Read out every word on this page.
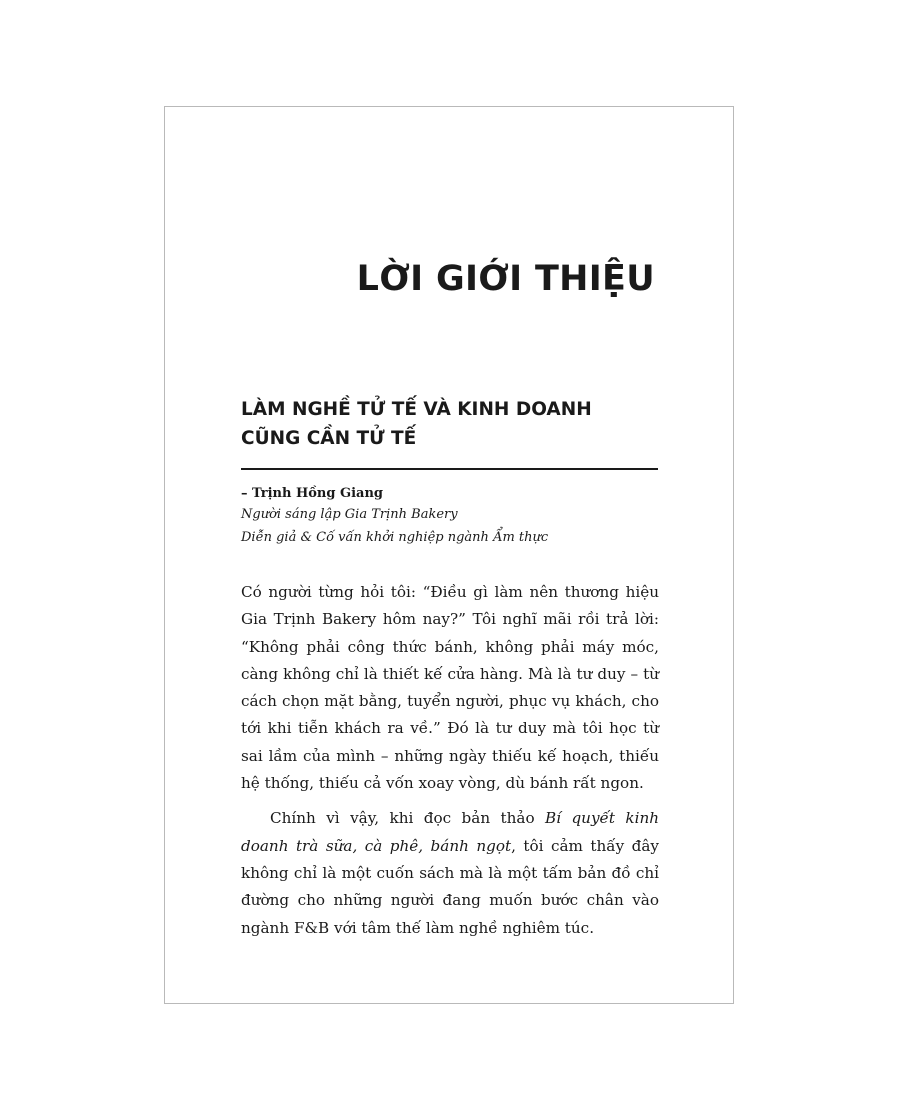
LỜI GIỚI THIỆU
LÀM NGHỀ TỬ TẾ VÀ KINH DOANH
CŨNG CẦN TỬ TẾ
– Trịnh Hồng Giang
Người sáng lập Gia Trịnh Bakery
Diễn giả & Cố vấn khởi nghiệp ngành Ẩm thực

Có người từng hỏi tôi: “Điều gì làm nên thương hiệu Gia Trịnh Bakery hôm nay?” Tôi nghĩ mãi rồi trả lời: “Không phải công thức bánh, không phải máy móc, càng không chỉ là thiết kế cửa hàng. Mà là tư duy – từ cách chọn mặt bằng, tuyển người, phục vụ khách, cho tới khi tiễn khách ra về.” Đó là tư duy mà tôi học từ sai lầm của mình – những ngày thiếu kế hoạch, thiếu hệ thống, thiếu cả vốn xoay vòng, dù bánh rất ngon.

Chính vì vậy, khi đọc bản thảo Bí quyết kinh doanh trà sữa, cà phê, bánh ngọt, tôi cảm thấy đây không chỉ là một cuốn sách mà là một tấm bản đồ chỉ đường cho những người đang muốn bước chân vào ngành F&B với tâm thế làm nghề nghiêm túc.
